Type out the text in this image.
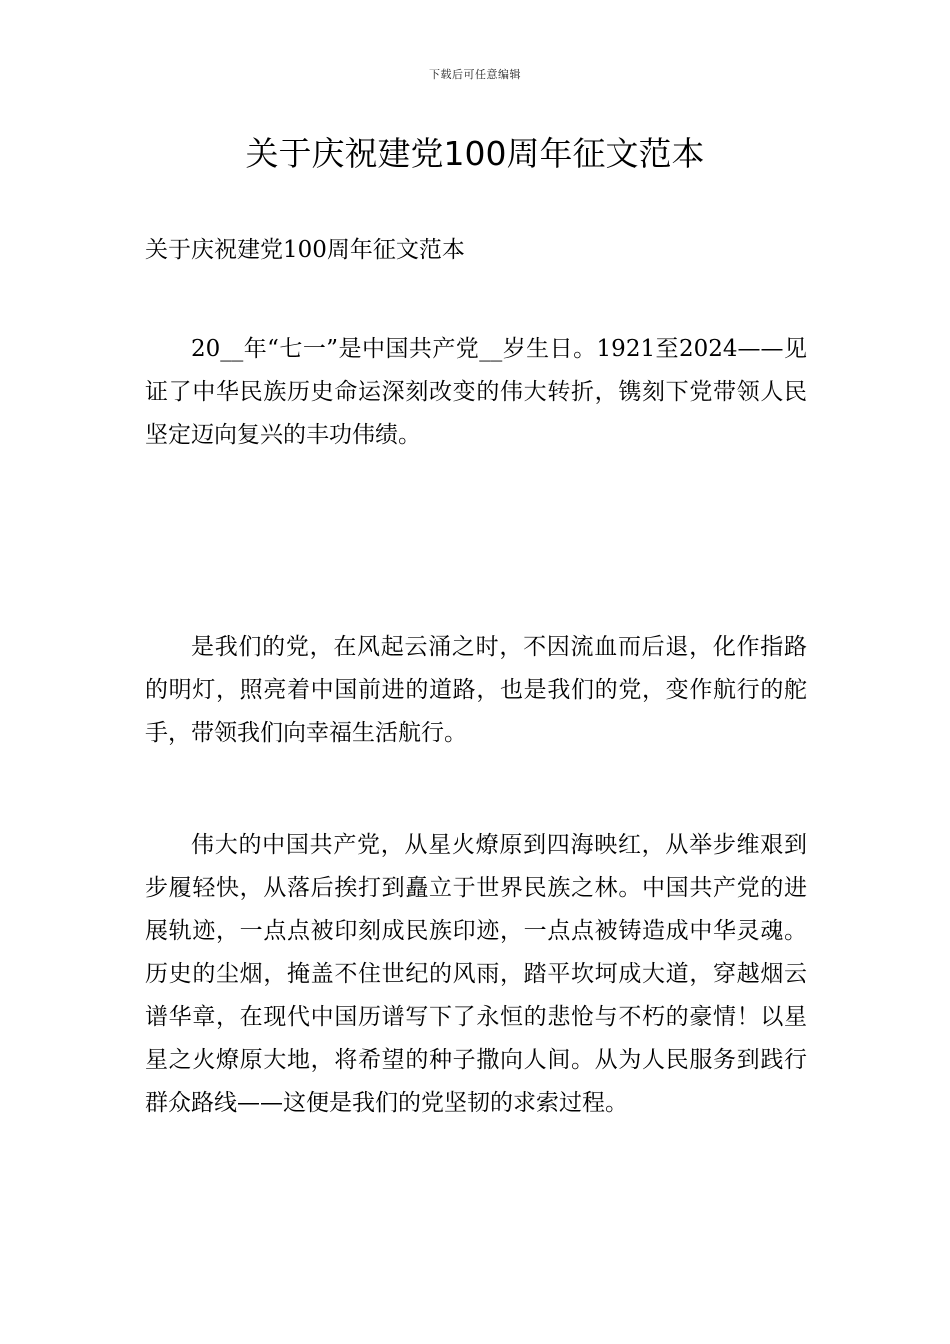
下载后可任意编辑
关于庆祝建党100周年征文范本
关于庆祝建党100周年征文范本

20__年“七一”是中国共产党__岁生日。1921至2024——见证了中华民族历史命运深刻改变的伟大转折，镌刻下党带领人民坚定迈向复兴的丰功伟绩。

是我们的党，在风起云涌之时，不因流血而后退，化作指路的明灯，照亮着中国前进的道路，也是我们的党，变作航行的舵手，带领我们向幸福生活航行。

伟大的中国共产党，从星火燎原到四海映红，从举步维艰到步履轻快，从落后挨打到矗立于世界民族之林。中国共产党的进展轨迹，一点点被印刻成民族印迹，一点点被铸造成中华灵魂。历史的尘烟，掩盖不住世纪的风雨，踏平坎坷成大道，穿越烟云谱华章，在现代中国历谱写下了永恒的悲怆与不朽的豪情！以星星之火燎原大地，将希望的种子撒向人间。从为人民服务到践行群众路线——这便是我们的党坚韧的求索过程。
